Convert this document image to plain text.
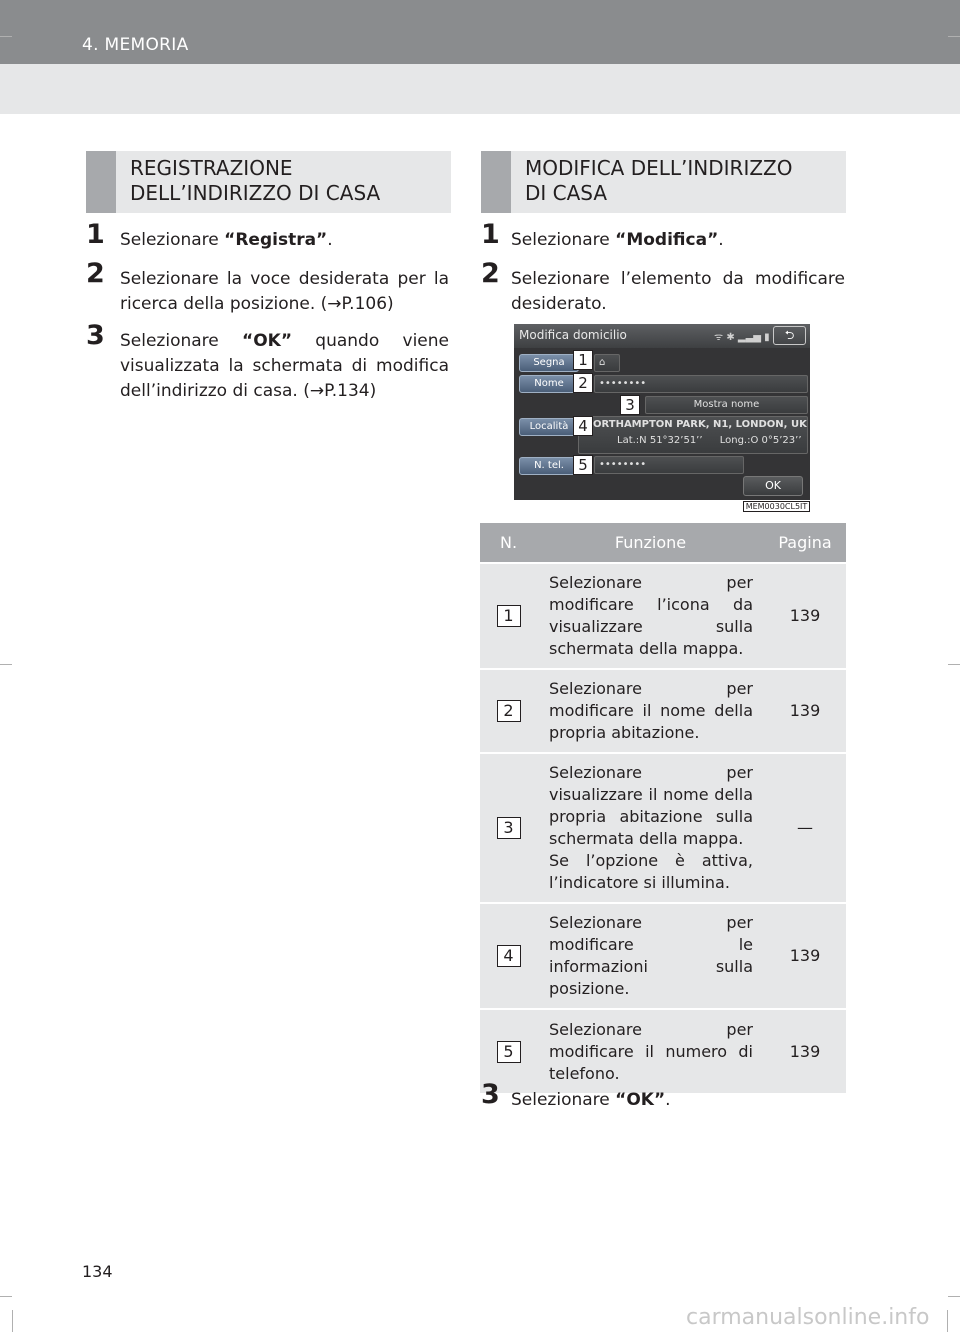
4. MEMORIA
REGISTRAZIONE
DELL’INDIRIZZO DI CASA
1 Selezionare “Registra”.
2 Selezionare la voce desiderata per la ricerca della posizione. (→P.106)
3 Selezionare “OK” quando viene visualizzata la schermata di modifica dell’indirizzo di casa. (→P.134)
MODIFICA DELL’INDIRIZZO
DI CASA
1 Selezionare “Modifica”.
2 Selezionare l’elemento da modificare desiderato.
Modifica domicilio	ᯤ ✱ ▂▃▅ ▮	⮌
Segna	⌂
Nome	••••••••
Mostra nome
Località	ORTHAMPTON PARK, N1, LONDON, UK
Lat.:N 51°32’51’’ Long.:O 0°5’23’’
N. tel.	••••••••
OK
1
2
3
4
5
MEM0030CL5IT
N.	Funzione	Pagina
1	Selezionare per modificare l’icona da visualizzare sulla schermata della mappa.	139
2	Selezionare per modificare il nome della propria abitazione.	139
3	Selezionare per visualizzare il nome della propria abitazione sulla schermata della mappa.
Se l’opzione è attiva, l’indicatore si illumina.	—
4	Selezionare per modificare le informazioni sulla posizione.	139
5	Selezionare per modificare il numero di telefono.	139
3 Selezionare “OK”.
134
carmanualsonline.info
